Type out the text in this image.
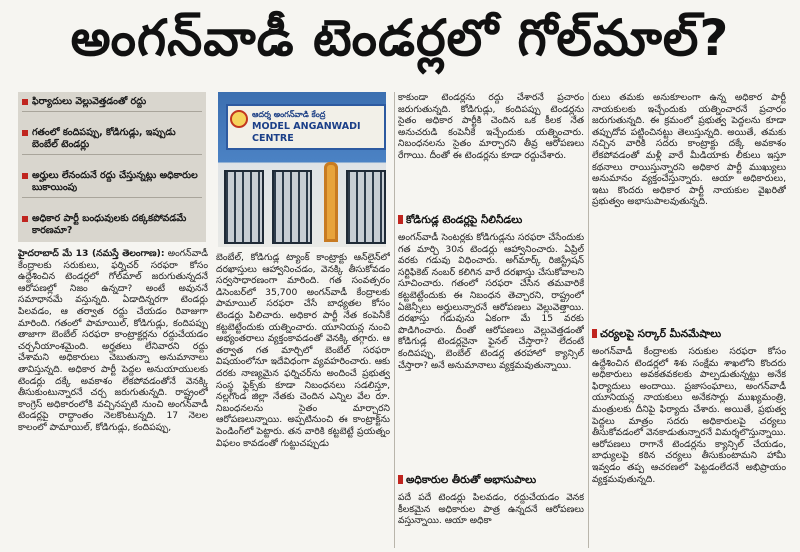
అంగన్‌వాడీ టెండర్లలో గోల్‌మాల్?
ఫిర్యాదులు వెల్లువెత్తడంతో రద్దు
గతంలో కందిపప్పు, కోడిగుడ్లు, ఇప్పుడు బెంబేల్ టెండర్లు
అర్హులు లేనందునే రద్దు చేస్తున్నట్లు అధికారుల బుకాయింపు
అధికార పార్టీ బంధువులకు దక్కకపోవడమే కారణమా?
ఆదర్శ అంగన్‌వాడి కేంద్ర
MODEL ANGANWADI CENTRE
హైదరాబాద్ మే 13 (నమస్తే తెలంగాణ): అంగన్‌వాడీ కేంద్రాలకు సరుకులు, ఫర్నిచర్ సరఫరా కోసం ఉద్దేశించిన టెండర్లలో గోల్‌మాల్ జరుగుతున్నదనే ఆరోపణల్లో నిజం ఉన్నదా? అంటే అవుననే సమాధానమే వస్తున్నది. ఏడాదిన్నరగా టెండర్లు పిలవడం, ఆ తర్వాత రద్దు చేయడం రివాజుగా మారింది. గతంలో పామాయిల్, కోడిగుడ్లు, కందిపప్పు తాజాగా బెంబేల్ సరఫరా కాంట్రాక్టర్లను రద్దుచేయడం చర్చనీయాంశమైంది. అర్హతలు లేనివారని రద్దు చేశామని అధికారులు చెబుతున్నా అనుమానాలు తావిస్తున్నది. అధికార పార్టీ పెద్దల అనుయాయులకు టెండర్లు దక్కే అవకాశం లేకపోవడంతోనే వెనక్కి తీసుకుంటున్నారనే చర్చ జరుగుతున్నది. రాష్ట్రంలో కాంగ్రెస్ అధికారంలోకి వచ్చినప్పటి నుంచి అంగన్‌వాడీ టెండర్లపై రాద్ధాంతం నెలకొంటున్నది. 17 నెలల కాలంలో పామాయిల్, కోడిగుడ్లు, కందిపప్పు,
బెంబేల్, కోడిగుడ్ల ట్యాంక్ కాంట్రాక్టు ఆన్‌లైన్‌లో దరఖాస్తులు ఆహ్వానించడం, వెనక్కి తీసుకోవడం సర్వసాధారణంగా మారింది. గత సంవత్సరం డిసెంబర్‌లో 35,700 అంగన్‌వాడీ కేంద్రాలకు పామాయిల్ సరఫరా చేసే బాధ్యతల కోసం టెండర్లు పిలిచారు. అధికార పార్టీ నేత కంపెనీకే కట్టబెట్టేందుకు యత్నించారు. యూనియన్ల నుంచి అభ్యంతరాలు వ్యక్తంకావడంతో వెనక్కి తగ్గారు. ఆ తర్వాత గత మార్చిలో బెంబేల్ సరఫరా విషయంలోనూ ఇదేవిధంగా వ్యవహరించారు. ఆకు దరకు నాణ్యమైన ఫర్నిచర్‌ను అందించే ప్రభుత్వ సంస్థ ఫ్లెక్స్‌కు కూడా నిబంధనలు సడలిస్తూ, నల్లగొండ జిల్లా నేతకు చెందిన ఎన్నిల వేల రూ. నిబంధనలను సైతం మార్చారని ఆరోపణలున్నాయి. అప్పటినుంచి ఈ కాంట్రాక్ట్‌ను పెండింగ్‌లో పెట్టారు. తన వారికి కట్టబెట్టే ప్రయత్నం విఫలం కావడంతో గుట్టుచప్పుడు
కాకుండా టెండర్లను రద్దు చేశారనే ప్రచారం జరుగుతున్నది. కోడిగుడ్లు, కందిపప్పు టెండర్లను సైతం అధికార పార్టీకి చెందిన ఒక కీలక నేత అనుచరుడి కంపెనీకే ఇచ్చేందుకు యత్నించారు. నిబంధనలను సైతం మార్చారని తీవ్ర ఆరోపణలు రేగాయి. దీంతో ఈ టెండర్లను కూడా రద్దుచేశారు.
కోడిగుడ్ల టెండర్లపై నీలినీడలు
అంగన్‌వాడీ సెంటర్లకు కోడిగుడ్లను సరఫరా చేసేందుకు గత మార్చి 30న టెండర్లు ఆహ్వానించారు. ఏప్రిల్ వరకు గడువు విధించారు. అగ్‌మార్క్ రిజిస్ట్రేషన్ సర్టిఫికెట్ నంబర్ కలిగిన వారే దరఖాస్తు చేసుకోవాలని సూచించారు. గతంలో సరఫరా చేసిన తమవారికే కట్టబెట్టేందుకు ఈ నిబంధన తెచ్చారని, రాష్ట్రంలో ఏజెన్సీలు అర్హులున్నారనే ఆరోపణలు వెల్లువెత్తాయి. దరఖాస్తు గడువును ఏకంగా మే 15 వరకు పొడిగించారు. దీంతో ఆరోపణలు వెల్లువెత్తడంతో కోడిగుడ్ల టెండర్లనైనా ఫైనల్ చేస్తారా? లేదంటే కందిపప్పు, బెంబేల్ టెండర్ల తరహాలో క్యాన్సిల్ చేస్తారా? అనే అనుమానాలు వ్యక్తమవుతున్నాయి.
అధికారుల తీరుతో అభాసుపాలు
పదే పదే టెండర్లు పిలవడం, రద్దుచేయడం వెనక కీలకమైన అధికారుల పాత్ర ఉన్నదనే ఆరోపణలు వస్తున్నాయి. ఆయా అధికా
రులు తమకు అనుకూలంగా ఉన్న అధికార పార్టీ నాయకులకు ఇచ్చేందుకు యత్నించారనే ప్రచారం జరుగుతున్నది. ఈ క్రమంలో ప్రభుత్వ పెద్దలను కూడా తప్పుదోవ పట్టించినట్టు తెలుస్తున్నది. అయితే, తమకు నచ్చిన వారికి సదరు కాంట్రాక్టు దక్కే అవకాశం లేకపోవడంతో మళ్లీ వారే మీడియాకు లీకులు ఇస్తూ కథనాలు రాయిస్తున్నారని అధికార పార్టీ ముఖ్యులు అనుమానం వ్యక్తంచేస్తున్నారు. ఆయా అధికారులు, ఇటు కొందరు అధికార పార్టీ నాయకుల వైఖరితో ప్రభుత్వం అభాసుపాలవుతున్నది.
చర్యలపై సర్కార్ మీనమేషాలు
అంగన్‌వాడీ కేంద్రాలకు సరుకుల సరఫరా కోసం ఉద్దేశించిన టెండర్లలో శిశు సంక్షేమ శాఖలోని కొందరు అధికారులు అవకతవకలకు పాల్పడుతున్నట్టు అనేక ఫిర్యాదులు అందాయి. ప్రజాసంఘాలు, అంగన్‌వాడీ యూనియన్ల నాయకులు అనేకసార్లు ముఖ్యమంత్రి, మంత్రులకు దీనిపై ఫిర్యాదు చేశారు. అయితే, ప్రభుత్వ పెద్దలు మాత్రం సదరు అధికారులపై చర్యలు తీసుకోవడంలో వెనకాడుతున్నారనే విమర్శలొస్తున్నాయి. ఆరోపణలు రాగానే టెండర్లను క్యాన్సిల్ చేయడం, బాధ్యులపై కఠిన చర్యలు తీసుకుంటామని హామీ ఇవ్వడం తప్ప ఆచరణలో పెట్టడంలేదనే అభిప్రాయం వ్యక్తమవుతున్నది.
